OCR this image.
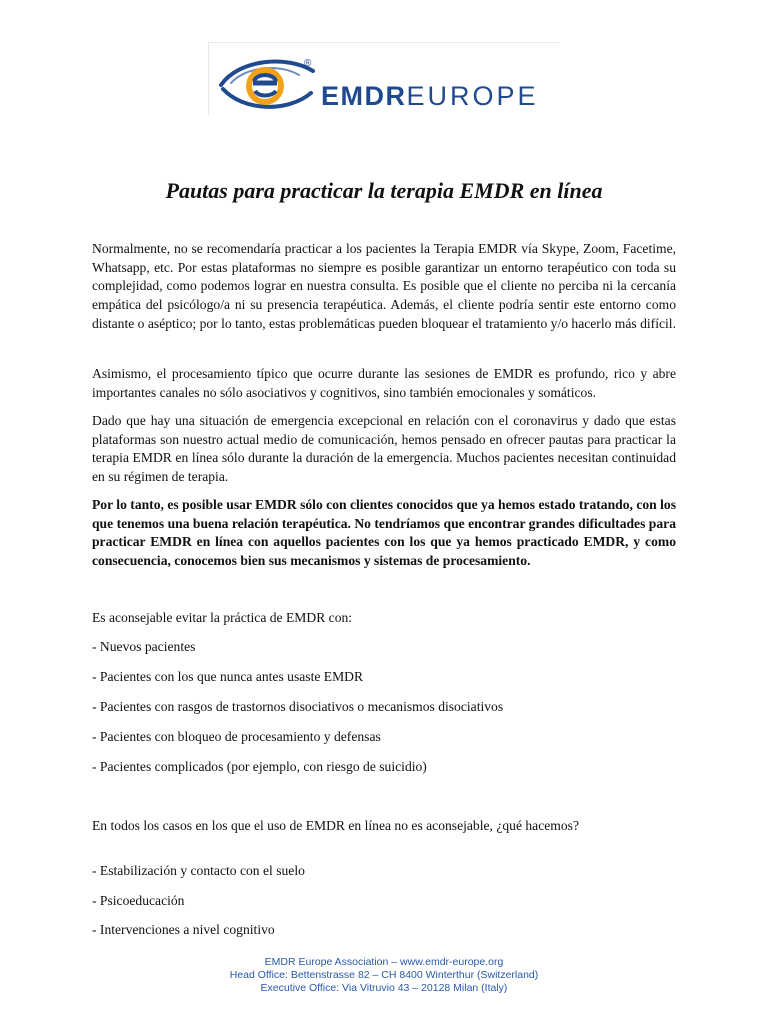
®
EMDREUROPE
Pautas para practicar la terapia EMDR en línea

Normalmente, no se recomendaría practicar a los pacientes la Terapia EMDR vía Skype, Zoom, Facetime, Whatsapp, etc. Por estas plataformas no siempre es posible garantizar un entorno terapéutico con toda su complejidad, como podemos lograr en nuestra consulta. Es posible que el cliente no perciba ni la cercanía empática del psicólogo/a ni su presencia terapéutica. Además, el cliente podría sentir este entorno como distante o aséptico; por lo tanto, estas problemáticas pueden bloquear el tratamiento y/o hacerlo más difícil.

Asimismo, el procesamiento típico que ocurre durante las sesiones de EMDR es profundo, rico y abre importantes canales no sólo asociativos y cognitivos, sino también emocionales y somáticos.

Dado que hay una situación de emergencia excepcional en relación con el coronavirus y dado que estas plataformas son nuestro actual medio de comunicación, hemos pensado en ofrecer pautas para practicar la terapia EMDR en línea sólo durante la duración de la emergencia. Muchos pacientes necesitan continuidad en su régimen de terapia.

Por lo tanto, es posible usar EMDR sólo con clientes conocidos que ya hemos estado tratando, con los que tenemos una buena relación terapéutica. No tendríamos que encontrar grandes dificultades para practicar EMDR en línea con aquellos pacientes con los que ya hemos practicado EMDR, y como consecuencia, conocemos bien sus mecanismos y sistemas de procesamiento.

Es aconsejable evitar la práctica de EMDR con:

- Nuevos pacientes

- Pacientes con los que nunca antes usaste EMDR

- Pacientes con rasgos de trastornos disociativos o mecanismos disociativos

- Pacientes con bloqueo de procesamiento y defensas

- Pacientes complicados (por ejemplo, con riesgo de suicidio)

En todos los casos en los que el uso de EMDR en línea no es aconsejable, ¿qué hacemos?

- Estabilización y contacto con el suelo

- Psicoeducación

- Intervenciones a nivel cognitivo

EMDR Europe Association – www.emdr-europe.org
Head Office: Bettenstrasse 82 – CH 8400 Winterthur (Switzerland)
Executive Office: Via Vitruvio 43 – 20128 Milan (Italy)
